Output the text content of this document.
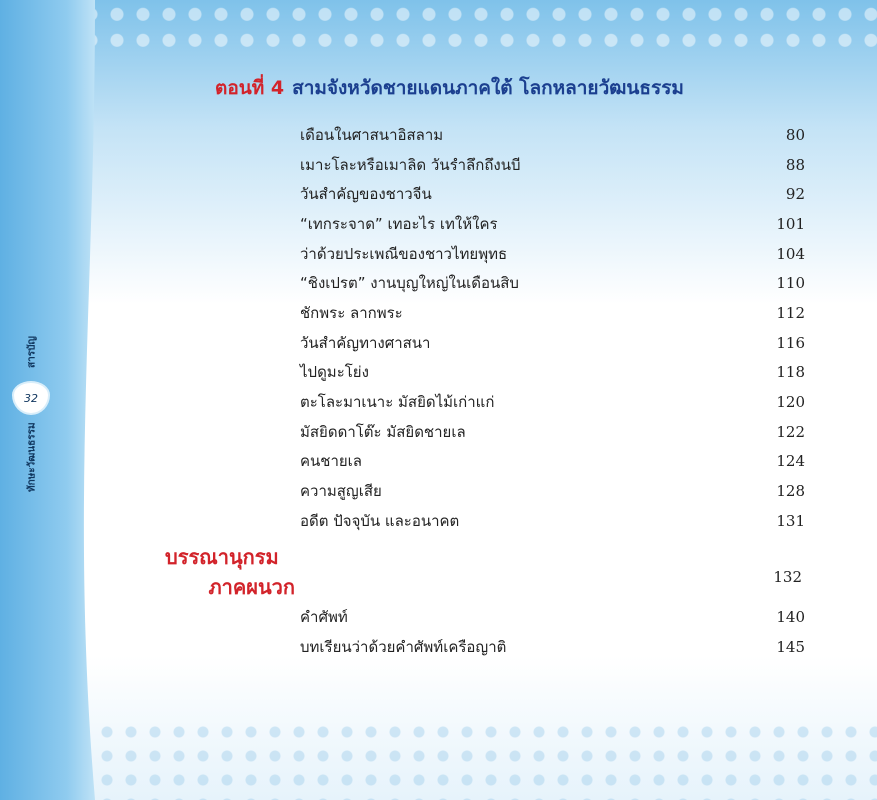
สารบัญ
32
ทักษะวัฒนธรรม
ตอนที่ 4 สามจังหวัดชายแดนภาคใต้ โลกหลายวัฒนธรรม
เดือนในศาสนาอิสลาม	80
เมาะโละหรือเมาลิด วันรำลึกถึงนบี	88
วันสำคัญของชาวจีน	92
“เทกระจาด” เทอะไร เทให้ใคร	101
ว่าด้วยประเพณีของชาวไทยพุทธ	104
“ชิงเปรต” งานบุญใหญ่ในเดือนสิบ	110
ชักพระ ลากพระ	112
วันสำคัญทางศาสนา	116
ไปดูมะโย่ง	118
ตะโละมาเนาะ มัสยิดไม้เก่าแก่	120
มัสยิดดาโต๊ะ มัสยิดชายเล	122
คนชายเล	124
ความสูญเสีย	128
อดีต ปัจจุบัน และอนาคต	131
บรรณานุกรม
ภาคผนวก	132
คำศัพท์	140
บทเรียนว่าด้วยคำศัพท์เครือญาติ	145
